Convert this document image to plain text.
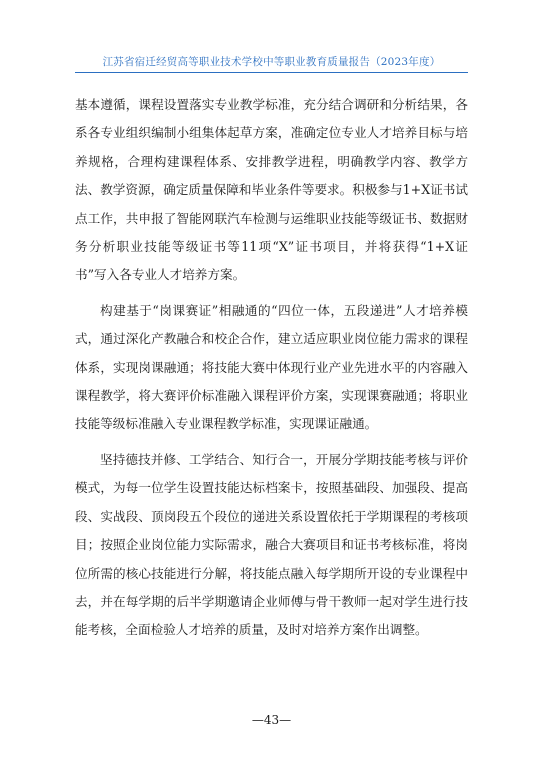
江苏省宿迁经贸高等职业技术学校中等职业教育质量报告（2023年度）

基本遵循，课程设置落实专业教学标准，充分结合调研和分析结果，各系各专业组织编制小组集体起草方案，准确定位专业人才培养目标与培养规格，合理构建课程体系、安排教学进程，明确教学内容、教学方法、教学资源，确定质量保障和毕业条件等要求。积极参与1+X证书试点工作，共申报了智能网联汽车检测与运维职业技能等级证书、数据财务分析职业技能等级证书等11项“X”证书项目，并将获得“1+X证书”写入各专业人才培养方案。

构建基于“岗课赛证”相融通的“四位一体，五段递进”人才培养模式，通过深化产教融合和校企合作，建立适应职业岗位能力需求的课程体系，实现岗课融通；将技能大赛中体现行业产业先进水平的内容融入课程教学，将大赛评价标准融入课程评价方案，实现课赛融通；将职业技能等级标准融入专业课程教学标准，实现课证融通。

坚持德技并修、工学结合、知行合一，开展分学期技能考核与评价模式，为每一位学生设置技能达标档案卡，按照基础段、加强段、提高段、实战段、顶岗段五个段位的递进关系设置依托于学期课程的考核项目；按照企业岗位能力实际需求，融合大赛项目和证书考核标准，将岗位所需的核心技能进行分解，将技能点融入每学期所开设的专业课程中去，并在每学期的后半学期邀请企业师傅与骨干教师一起对学生进行技能考核，全面检验人才培养的质量，及时对培养方案作出调整。

—43—
